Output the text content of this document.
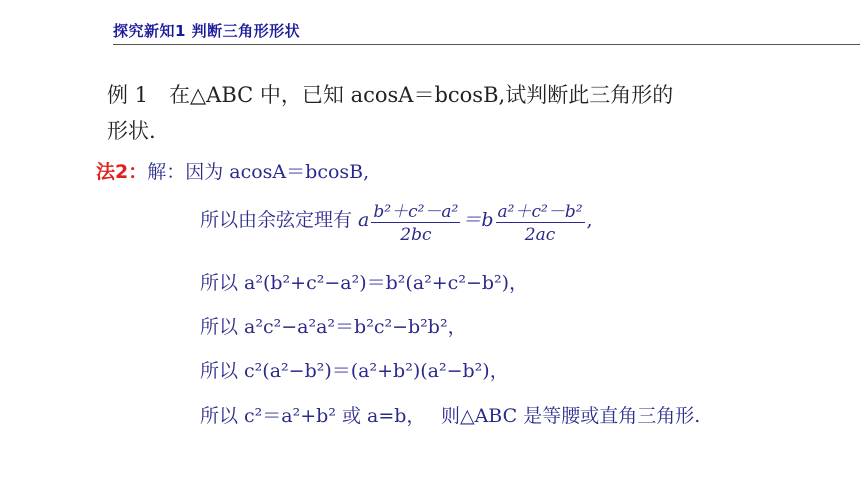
探究新知1 判断三角形形状
例 1　在△ABC 中，已知 acosA＝bcosB,试判断此三角形的
形状.
法2：解：因为 acosA＝bcosB,
所以由余弦定理有 a $\frac{\text{b²＋c²－a²}}{2bc} =b \frac{\text{a²＋c²－b²}}{2ac}$ ,
所以 a²(b²+c²−a²)＝b²(a²+c²−b²)，
所以 a²c²−a²a²＝b²c²−b²b²，
所以 c²(a²−b²)＝(a²+b²)(a²−b²)，
所以 c²＝a²+b² 或 a=b，　 则△ABC 是等腰或直角三角形.
